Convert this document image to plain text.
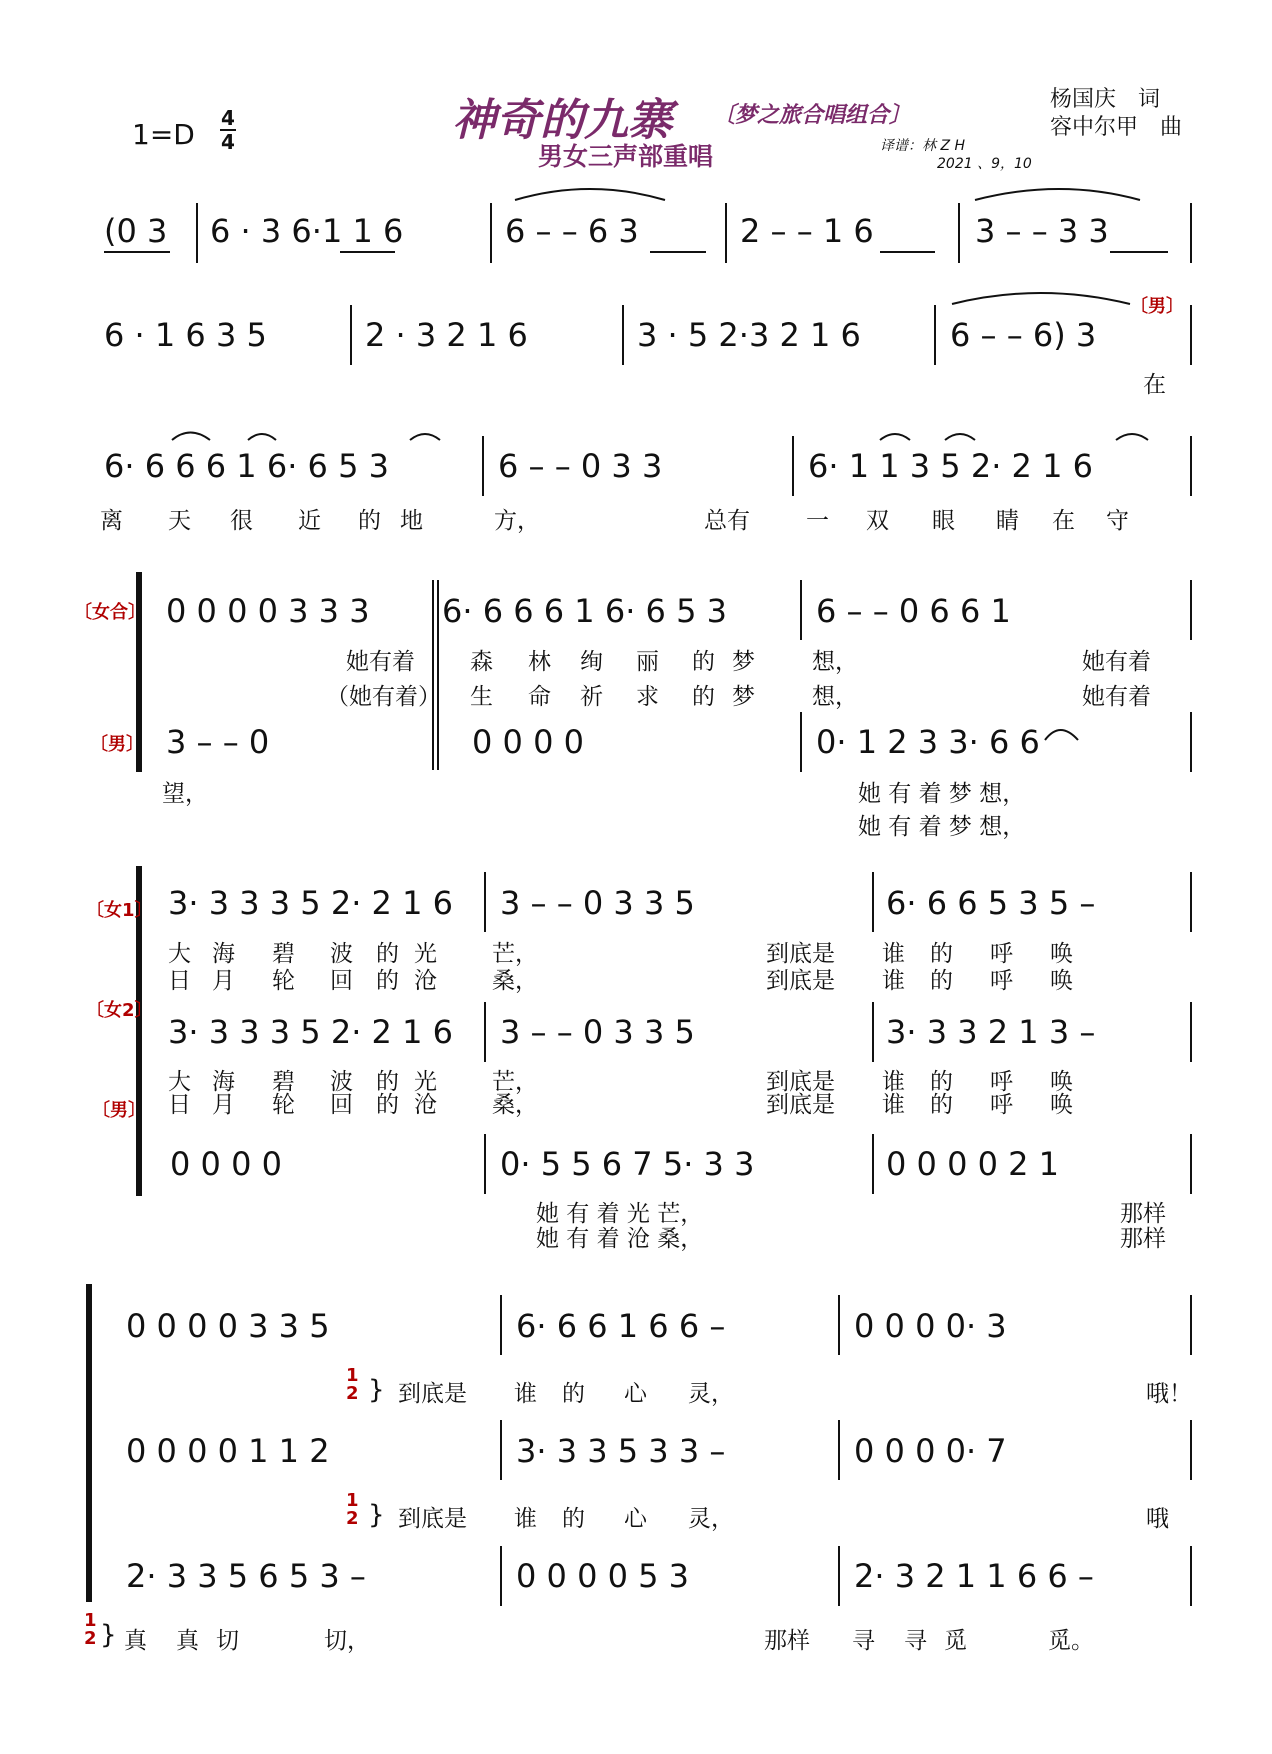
1=D 4
4	神奇的九寨 〔梦之旅合唱组合〕
男女三声部重唱
杨国庆　词
容中尔甲　曲
译谱：林 Z H
2021 、9，10
(0 3 6 · 3 6·1 1 6	6 – – 6 3	2 – – 1 6	3 – – 3 3
6 · 1 6 3 5	2 · 3 2 1 6	3 · 5 2·3 2 1 6	6 – – 6) 3
〔男〕
在
6· 6 6 6 1 6· 6 5 3	6 – – 0 3 3	6· 1 1 3 5 2· 2 1 6
离 天 很 近 的 地	方，	总有 一 双 眼 睛 在 守
〔女合〕 0 0 0 0 3 3 3 6· 6 6 6 1 6· 6 5 3	6 – – 0 6 6 1
她有着 森 林 绚 丽 的 梦 想，	她有着
（她有着） 生 命 祈 求 的 梦 想，	她有着
〔男〕 3 – – 0	0 0 0 0	0· 1 2 3 3· 6 6
望，	她 有 着 梦 想，
她 有 着 梦 想，
〔女1〕
〔女2〕
〔男〕
3· 3 3 3 5 2· 2 1 6 3 – – 0 3 3 5	6· 6 6 5 3 5 –
大 海 碧 波 的 光 芒，	到底是 谁 的 呼 唤
日 月 轮 回 的 沧 桑，	到底是 谁 的 呼 唤
3· 3 3 3 5 2· 2 1 6 3 – – 0 3 3 5	3· 3 3 2 1 3 –
大 海 碧 波 的 光 芒，	到底是 谁 的 呼 唤
日 月 轮 回 的 沧 桑，	到底是 谁 的 呼 唤
0 0 0 0	0· 5 5 6 7 5· 3 3	0 0 0 0 2 1
她 有 着 光 芒，
她 有 着 沧 桑，
那样
那样
0 0 0 0 3 3 5	6· 6 6 1 6 6 –	0 0 0 0· 3
1
2 } 到底是 谁 的 心 灵，	哦！
0 0 0 0 1 1 2	3· 3 3 5 3 3 –	0 0 0 0· 7
1
2 } 到底是 谁 的 心 灵，	哦
2· 3 3 5 6 5 3 –	0 0 0 0 5 3	2· 3 2 1 1 6 6 –
1
2 } 真 真 切	切，	那样 寻 寻 觅	觅。
